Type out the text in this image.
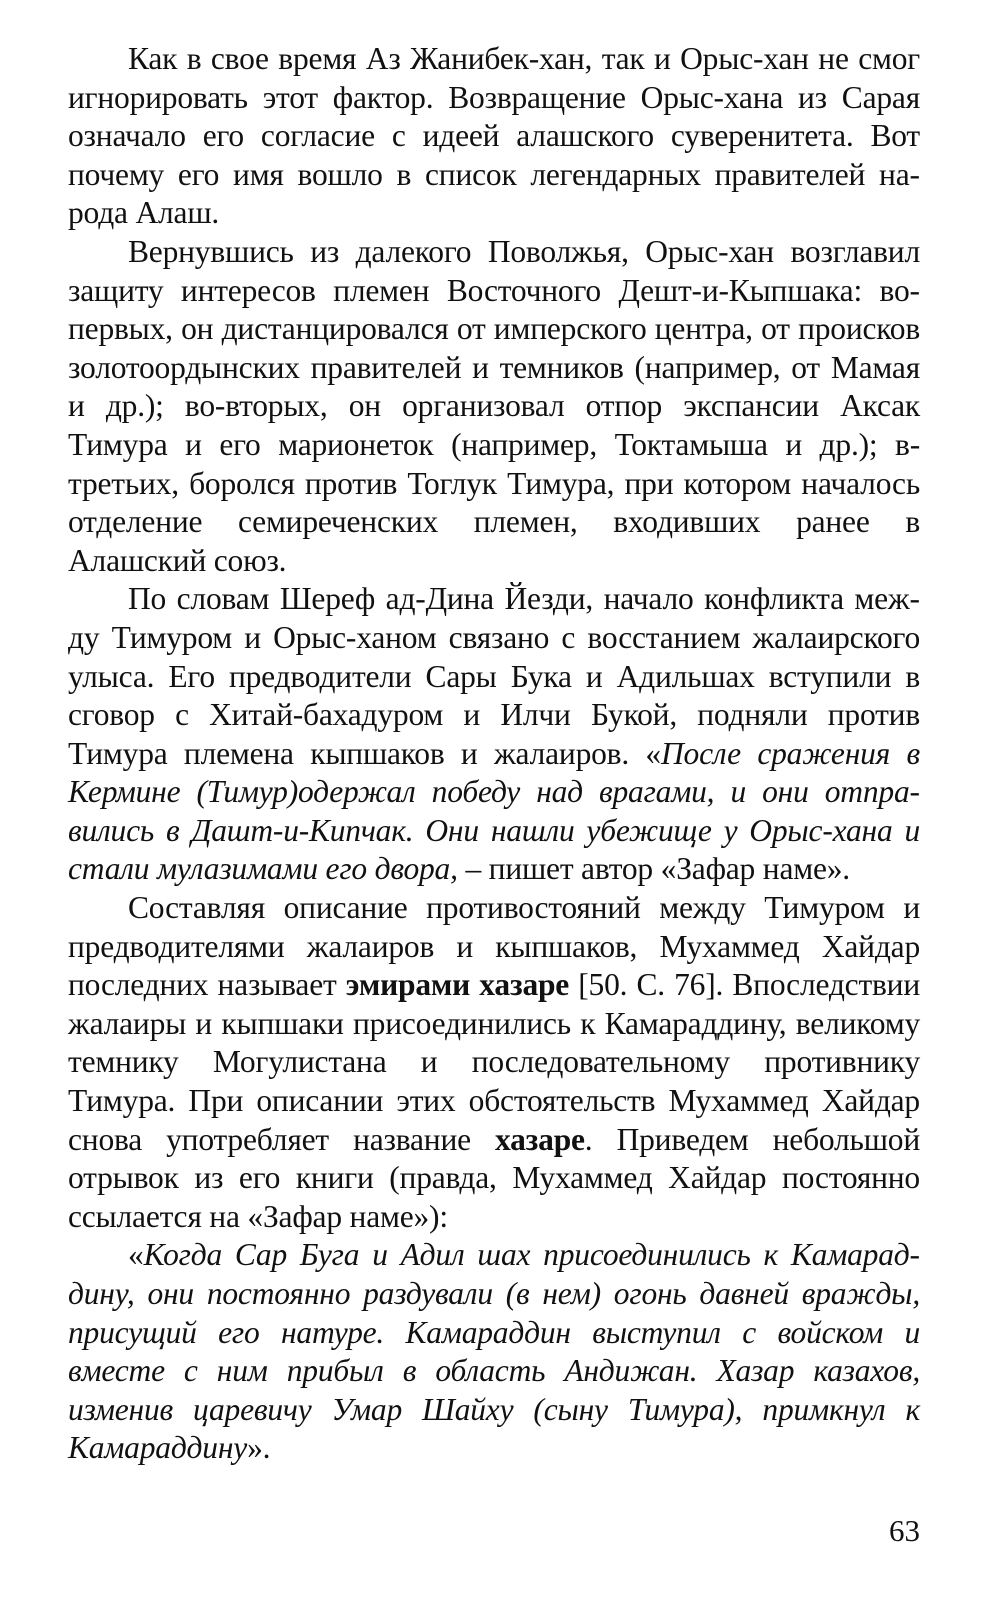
Как в свое время Аз Жанибек-хан, так и Орыс-хан не смог игнорировать этот фактор. Возвращение Орыс-хана из Сарая означало его согласие с идеей алашского суверенитета. Вот почему его имя вошло в список легендарных правителей народа Алаш.

Вернувшись из далекого Поволжья, Орыс-хан возглавил защиту интересов племен Восточного Дешт-и-Кыпшака: вопервых, он дистанцировался от имперского центра, от происков золотоордынских правителей и темников (например, от Мамая и др.); во-вторых, он организовал отпор экспансии Аксак Тимура и его марионеток (например, Токтамыша и др.); в-третьих, боролся против Тоглук Тимура, при котором началось отделение семиреченских племен, входивших ранее в Алашский союз.

По словам Шереф ад-Дина Йезди, начало конфликта между Тимуром и Орыс-ханом связано с восстанием жалаирского улыса. Его предводители Сары Бука и Адильшах вступили в сговор с Хитай-бахадуром и Илчи Букой, подняли против Тимура племена кыпшаков и жалаиров. «После сражения в Кермине (Тимур)одержал победу над врагами, и они отправились в Дашт-и-Кипчак. Они нашли убежище у Орыс-хана и стали мулазимами его двора, – пишет автор «Зафар наме».

Составляя описание противостояний между Тимуром и предводителями жалаиров и кыпшаков, Мухаммед Хайдар последних называет эмирами хазаре [50. С. 76]. Впоследствии жалаиры и кыпшаки присоединились к Камараддину, великому темнику Могулистана и последовательному противнику Тимура. При описании этих обстоятельств Мухаммед Хайдар снова употребляет название хазаре. Приведем небольшой отрывок из его книги (правда, Мухаммед Хайдар постоянно ссылается на «Зафар наме»):

«Когда Сар Буга и Адил шах присоединились к Камараддину, они постоянно раздували (в нем) огонь давней вражды, присущий его натуре. Камараддин выступил с войском и вместе с ним прибыл в область Андижан. Хазар казахов, изменив царевичу Умар Шайху (сыну Тимура), примкнул к Камараддину».

63
